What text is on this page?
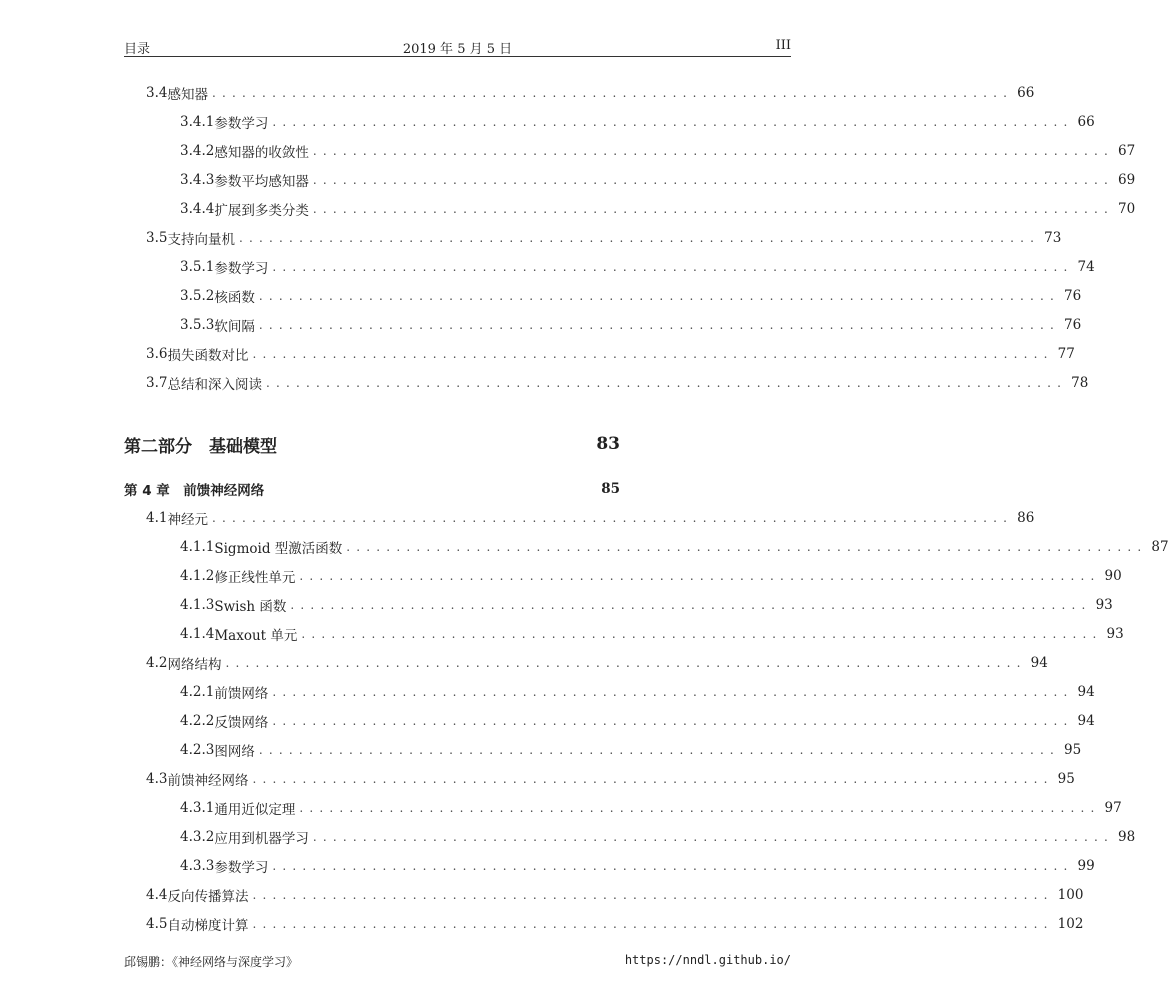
目录	2019 年 5 月 5 日	III
3.4 感知器 ................................................................................ 66
3.4.1 参数学习 ................................................................................ 66
3.4.2 感知器的收敛性 ................................................................................ 67
3.4.3 参数平均感知器 ................................................................................ 69
3.4.4 扩展到多类分类 ................................................................................ 70
3.5 支持向量机 ................................................................................ 73
3.5.1 参数学习 ................................................................................ 74
3.5.2 核函数 ................................................................................ 76
3.5.3 软间隔 ................................................................................ 76
3.6 损失函数对比 ................................................................................ 77
3.7 总结和深入阅读 ................................................................................ 78
第二部分　基础模型	83
第 4 章　前馈神经网络	85
4.1 神经元 ................................................................................ 86
4.1.1 Sigmoid 型激活函数 ................................................................................ 87
4.1.2 修正线性单元 ................................................................................ 90
4.1.3 Swish 函数 ................................................................................ 93
4.1.4 Maxout 单元 ................................................................................ 93
4.2 网络结构 ................................................................................ 94
4.2.1 前馈网络 ................................................................................ 94
4.2.2 反馈网络 ................................................................................ 94
4.2.3 图网络 ................................................................................ 95
4.3 前馈神经网络 ................................................................................ 95
4.3.1 通用近似定理 ................................................................................ 97
4.3.2 应用到机器学习 ................................................................................ 98
4.3.3 参数学习 ................................................................................ 99
4.4 反向传播算法 ................................................................................ 100
4.5 自动梯度计算 ................................................................................ 102
邱锡鹏：《神经网络与深度学习》	https://nndl.github.io/
